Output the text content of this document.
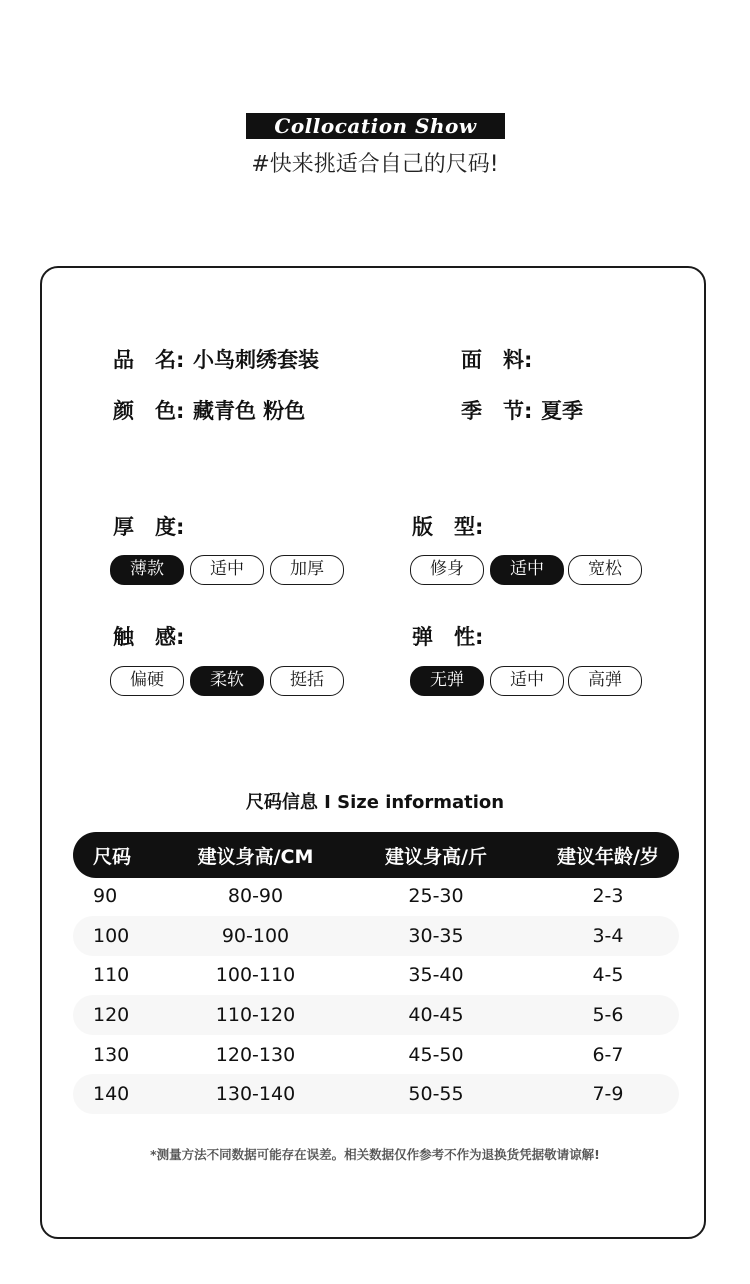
Collocation Show
#快来挑适合自己的尺码!
品　名: 小鸟刺绣套装	面　料:
颜　色: 藏青色 粉色	季　节: 夏季
厚　度:
薄款	适中	加厚
版　型:
修身	适中	宽松
触　感:
偏硬	柔软	挺括
弹　性:
无弹	适中	高弹
尺码信息 I Size information
尺码	建议身高/CM	建议身高/斤	建议年龄/岁
90	80-90	25-30	2-3
100	90-100	30-35	3-4
110	100-110	35-40	4-5
120	110-120	40-45	5-6
130	120-130	45-50	6-7
140	130-140	50-55	7-9
*测量方法不同数据可能存在误差。相关数据仅作参考不作为退换货凭据敬请谅解!
